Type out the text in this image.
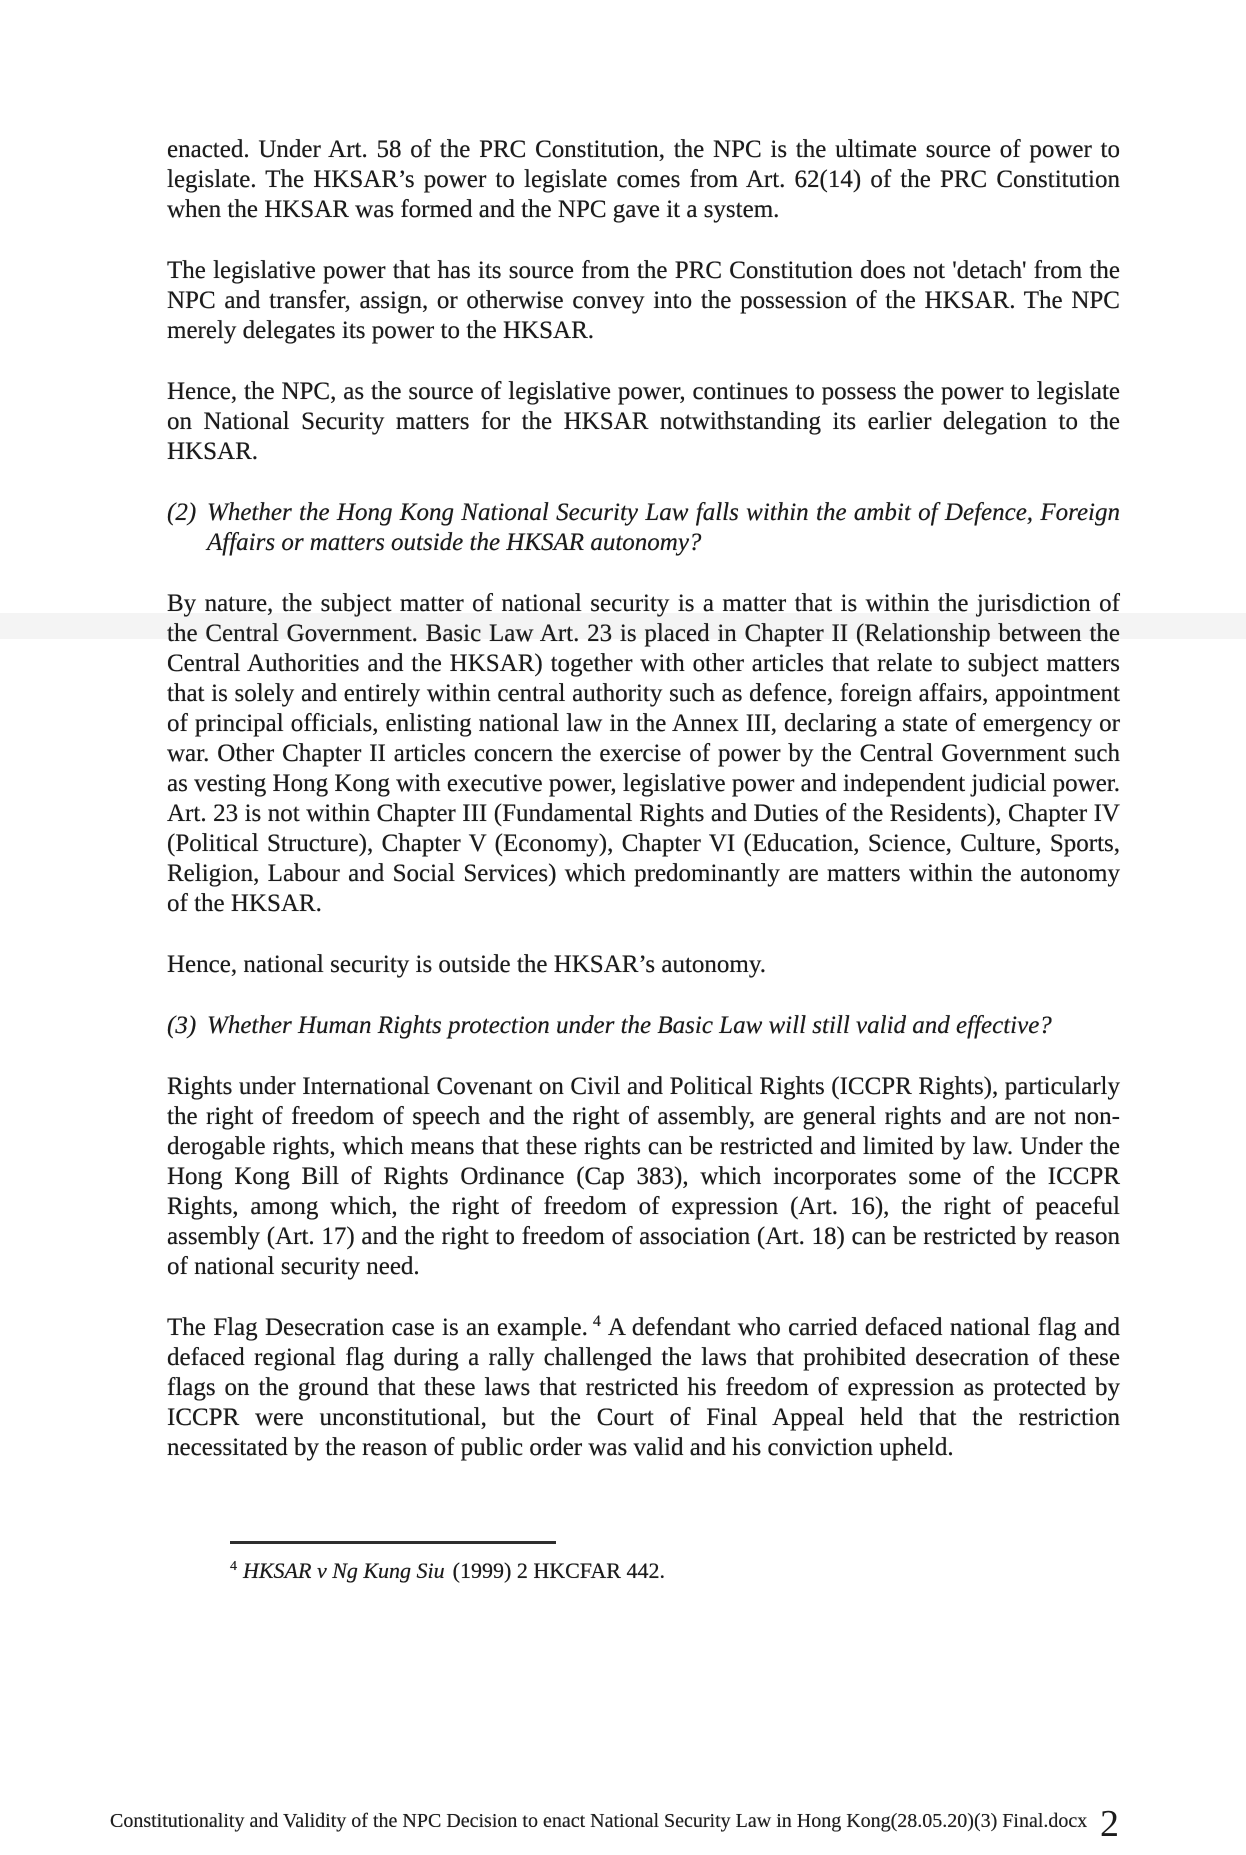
enacted. Under Art. 58 of the PRC Constitution, the NPC is the ultimate source of power to legislate. The HKSAR’s power to legislate comes from Art. 62(14) of the PRC Constitution when the HKSAR was formed and the NPC gave it a system.

The legislative power that has its source from the PRC Constitution does not 'detach' from the NPC and transfer, assign, or otherwise convey into the possession of the HKSAR. The NPC merely delegates its power to the HKSAR.

Hence, the NPC, as the source of legislative power, continues to possess the power to legislate on National Security matters for the HKSAR notwithstanding its earlier delegation to the HKSAR.

(2) Whether the Hong Kong National Security Law falls within the ambit of Defence, Foreign Affairs or matters outside the HKSAR autonomy?

By nature, the subject matter of national security is a matter that is within the jurisdiction of the Central Government. Basic Law Art. 23 is placed in Chapter II (Relationship between the Central Authorities and the HKSAR) together with other articles that relate to subject matters that is solely and entirely within central authority such as defence, foreign affairs, appointment of principal officials, enlisting national law in the Annex III, declaring a state of emergency or war. Other Chapter II articles concern the exercise of power by the Central Government such as vesting Hong Kong with executive power, legislative power and independent judicial power. Art. 23 is not within Chapter III (Fundamental Rights and Duties of the Residents), Chapter IV (Political Structure), Chapter V (Economy), Chapter VI (Education, Science, Culture, Sports, Religion, Labour and Social Services) which predominantly are matters within the autonomy of the HKSAR.

Hence, national security is outside the HKSAR’s autonomy.

(3) Whether Human Rights protection under the Basic Law will still valid and effective?

Rights under International Covenant on Civil and Political Rights (ICCPR Rights), particularly the right of freedom of speech and the right of assembly, are general rights and are not non-derogable rights, which means that these rights can be restricted and limited by law. Under the Hong Kong Bill of Rights Ordinance (Cap 383), which incorporates some of the ICCPR Rights, among which, the right of freedom of expression (Art. 16), the right of peaceful assembly (Art. 17) and the right to freedom of association (Art. 18) can be restricted by reason of national security need.

The Flag Desecration case is an example. $^4$ A defendant who carried defaced national flag and defaced regional flag during a rally challenged the laws that prohibited desecration of these flags on the ground that these laws that restricted his freedom of expression as protected by ICCPR were unconstitutional, but the Court of Final Appeal held that the restriction necessitated by the reason of public order was valid and his conviction upheld.

$^4$ HKSAR v Ng Kung Siu (1999) 2 HKCFAR 442.

Constitutionality and Validity of the NPC Decision to enact National Security Law in Hong Kong(28.05.20)(3) Final.docx 2
